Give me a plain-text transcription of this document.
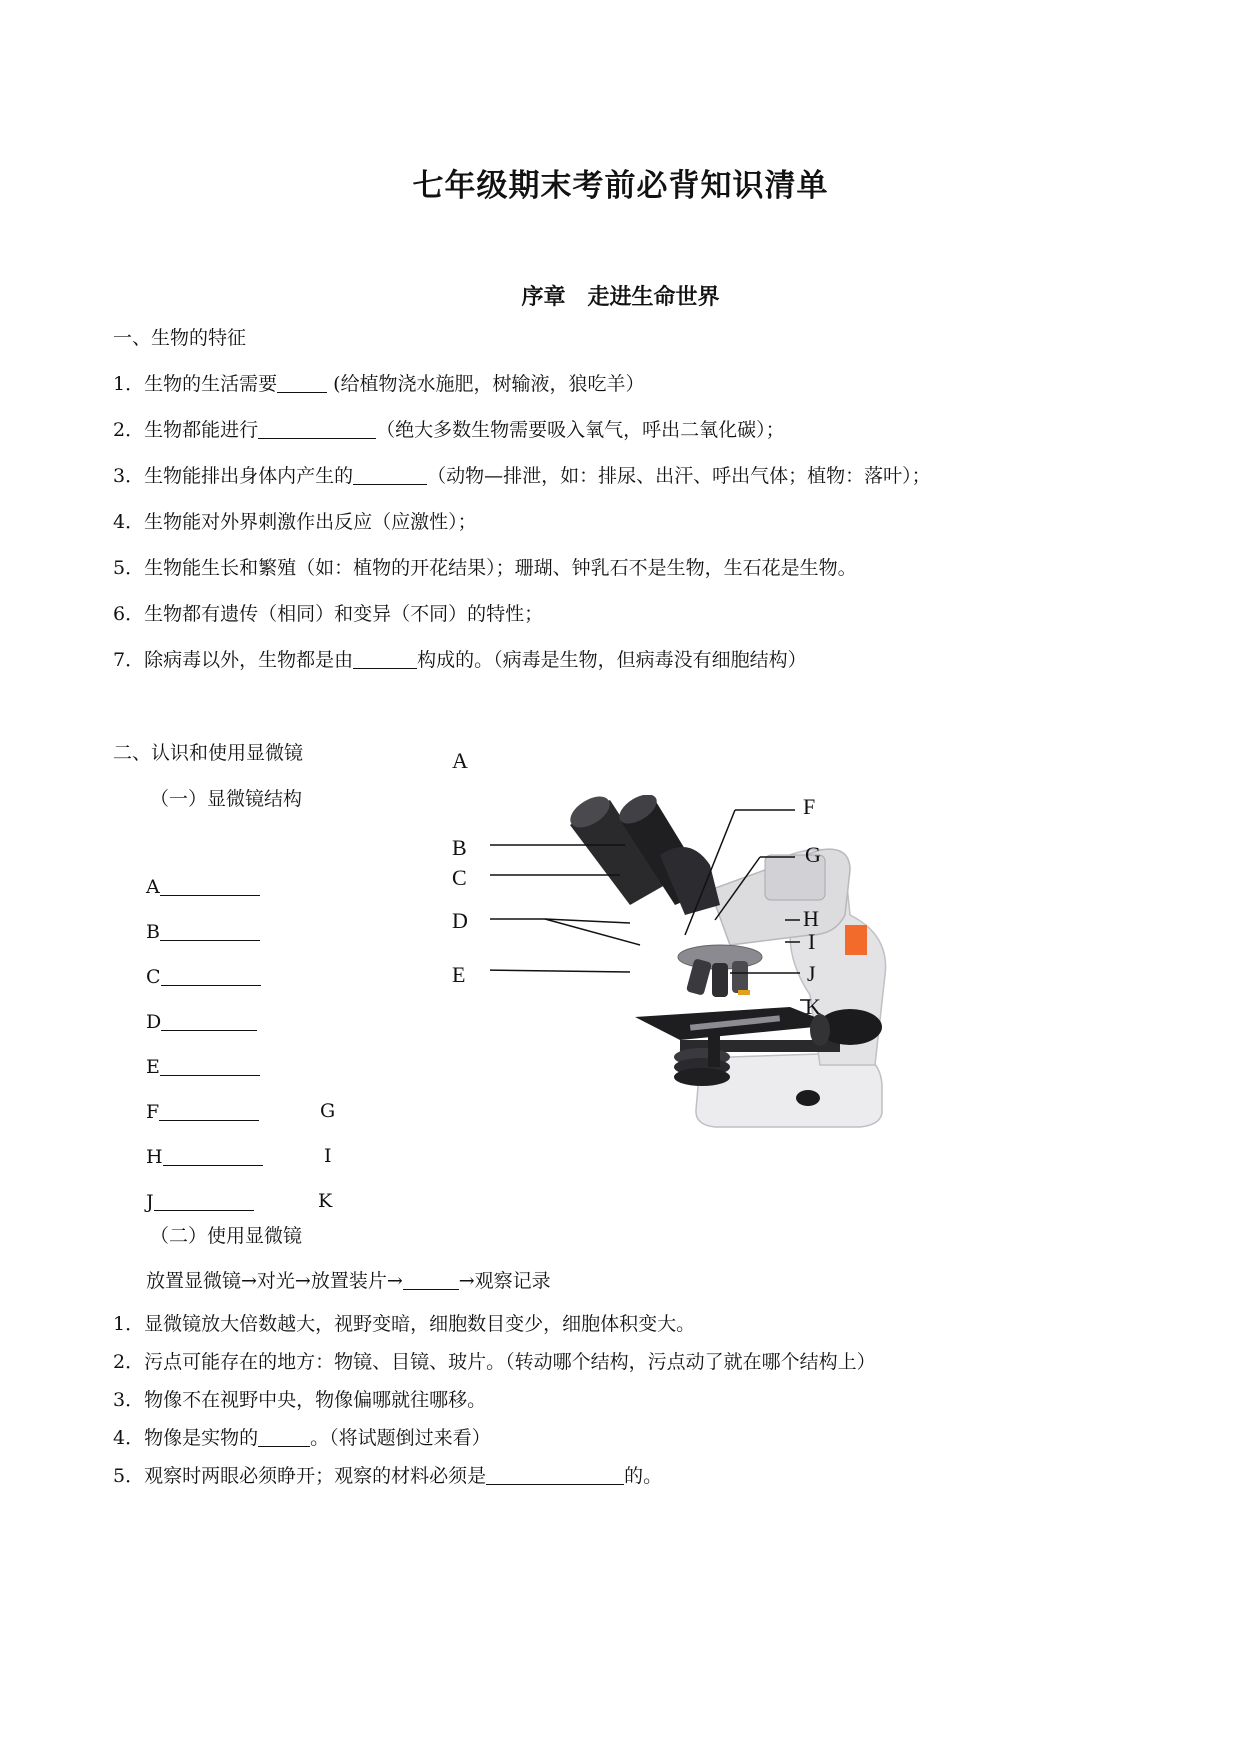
七年级期末考前必背知识清单
序章　走进生命世界
一、生物的特征
1．生物的生活需要	(给植物浇水施肥，树输液，狼吃羊）
2．生物都能进行	（绝大多数生物需要吸入氧气，呼出二氧化碳）；
3．生物能排出身体内产生的	（动物—排泄，如：排尿、出汗、呼出气体；植物：落叶）；
4．生物能对外界刺激作出反应（应激性）；
5．生物能生长和繁殖（如：植物的开花结果）；珊瑚、钟乳石不是生物，生石花是生物。
6．生物都有遗传（相同）和变异（不同）的特性；
7．除病毒以外，生物都是由	构成的。（病毒是生物，但病毒没有细胞结构）
二、认识和使用显微镜
（一）显微镜结构
A
B
C
D
E
F
H
J
G
I
K
A
B
C
D
E
F
G
H
I
J
K
（二）使用显微镜
放置显微镜→对光→放置装片→	→观察记录
1．显微镜放大倍数越大，视野变暗，细胞数目变少，细胞体积变大。
2．污点可能存在的地方：物镜、目镜、玻片。（转动哪个结构，污点动了就在哪个结构上）
3．物像不在视野中央，物像偏哪就往哪移。
4．物像是实物的	。（将试题倒过来看）
5．观察时两眼必须睁开；观察的材料必须是	的。
